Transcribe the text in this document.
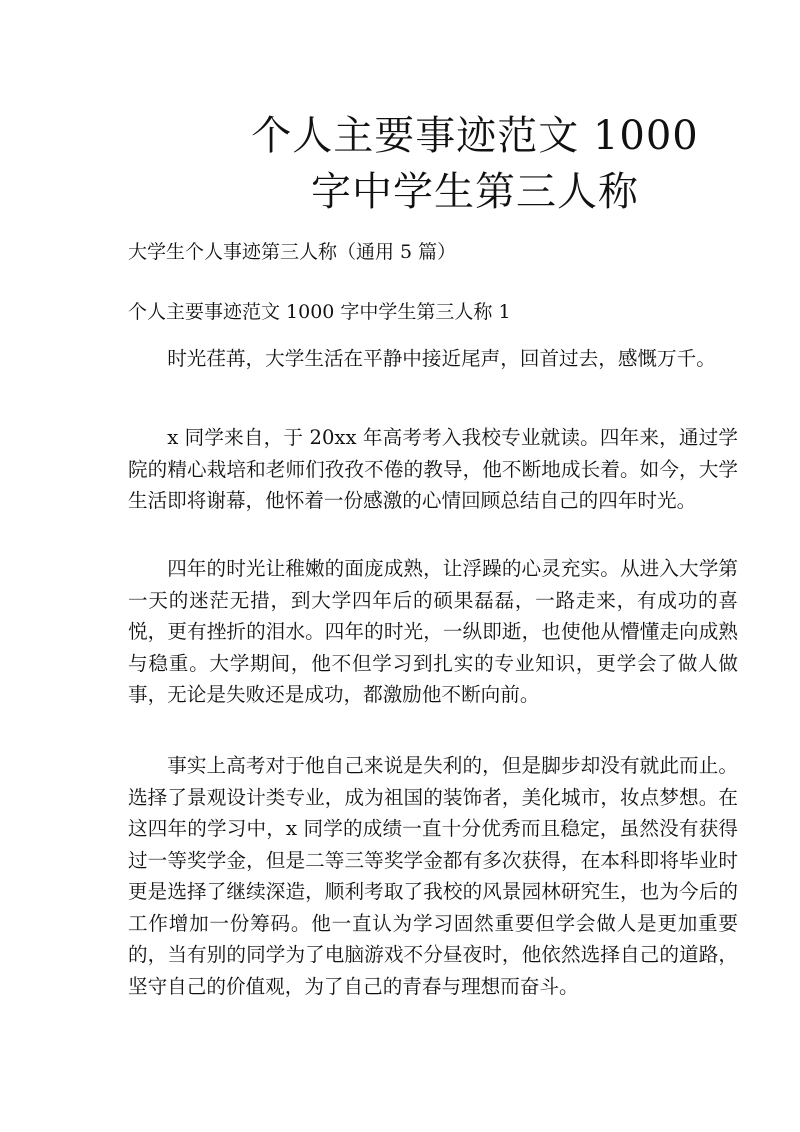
个人主要事迹范文 1000
字中学生第三人称

大学生个人事迹第三人称（通用 5 篇）

个人主要事迹范文 1000 字中学生第三人称 1

时光荏苒，大学生活在平静中接近尾声，回首过去，感慨万千。

x 同学来自，于 20xx 年高考考入我校专业就读。四年来，通过学院的精心栽培和老师们孜孜不倦的教导，他不断地成长着。如今，大学生活即将谢幕，他怀着一份感激的心情回顾总结自己的四年时光。

四年的时光让稚嫩的面庞成熟，让浮躁的心灵充实。从进入大学第一天的迷茫无措，到大学四年后的硕果磊磊，一路走来，有成功的喜悦，更有挫折的泪水。四年的时光，一纵即逝，也使他从懵懂走向成熟与稳重。大学期间，他不但学习到扎实的专业知识，更学会了做人做事，无论是失败还是成功，都激励他不断向前。

事实上高考对于他自己来说是失利的，但是脚步却没有就此而止。选择了景观设计类专业，成为祖国的装饰者，美化城市，妆点梦想。在这四年的学习中，x 同学的成绩一直十分优秀而且稳定，虽然没有获得过一等奖学金，但是二等三等奖学金都有多次获得，在本科即将毕业时更是选择了继续深造，顺利考取了我校的风景园林研究生，也为今后的工作增加一份筹码。他一直认为学习固然重要但学会做人是更加重要的，当有别的同学为了电脑游戏不分昼夜时，他依然选择自己的道路，坚守自己的价值观，为了自己的青春与理想而奋斗。
